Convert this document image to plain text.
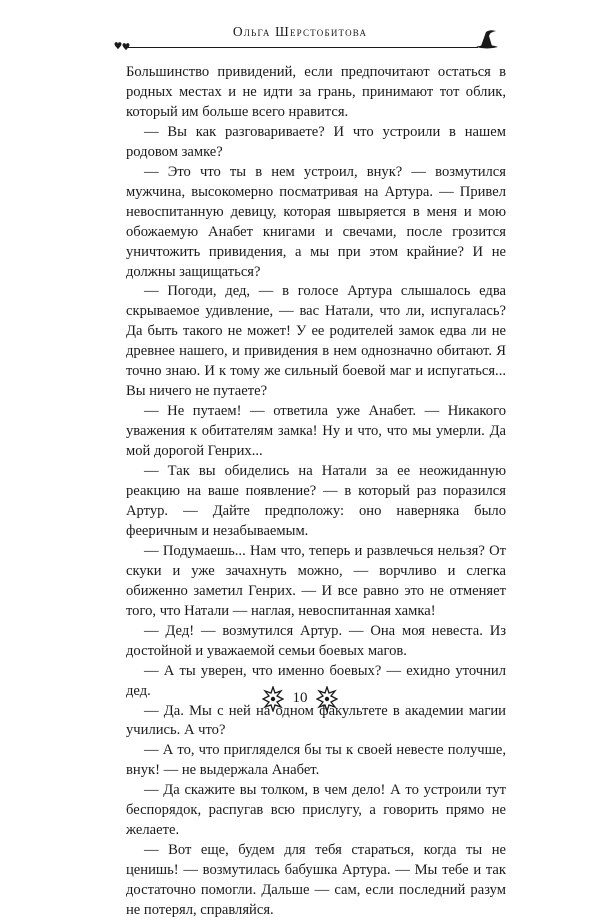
Ольга Шерстобитова

Большинство привидений, если предпочитают остаться в родных местах и не идти за грань, принимают тот облик, который им больше всего нравится.

— Вы как разговариваете? И что устроили в нашем родовом замке?

— Это что ты в нем устроил, внук? — возмутился мужчина, высокомерно посматривая на Артура. — Привел невоспитанную девицу, которая швыряется в меня и мою обожаемую Анабет книгами и свечами, после грозится уничтожить привидения, а мы при этом крайние? И не должны защищаться?

— Погоди, дед, — в голосе Артура слышалось едва скрываемое удивление, — вас Натали, что ли, испугалась? Да быть такого не может! У ее родителей замок едва ли не древнее нашего, и привидения в нем однозначно обитают. Я точно знаю. И к тому же сильный боевой маг и испугаться... Вы ничего не путаете?

— Не путаем! — ответила уже Анабет. — Никакого уважения к обитателям замка! Ну и что, что мы умерли. Да мой дорогой Генрих...

— Так вы обиделись на Натали за ее неожиданную реакцию на ваше появление? — в который раз поразился Артур. — Дайте предположу: оно наверняка было фееричным и незабываемым.

— Подумаешь... Нам что, теперь и развлечься нельзя? От скуки и уже зачахнуть можно, — ворчливо и слегка обиженно заметил Генрих. — И все равно это не отменяет того, что Натали — наглая, невоспитанная хамка!

— Дед! — возмутился Артур. — Она моя невеста. Из достойной и уважаемой семьи боевых магов.

— А ты уверен, что именно боевых? — ехидно уточнил дед.

— Да. Мы с ней на одном факультете в академии магии учились. А что?

— А то, что пригляделся бы ты к своей невесте получше, внук! — не выдержала Анабет.

— Да скажите вы толком, в чем дело! А то устроили тут беспорядок, распугав всю прислугу, а говорить прямо не желаете.

— Вот еще, будем для тебя стараться, когда ты не ценишь! — возмутилась бабушка Артура. — Мы тебе и так достаточно помогли. Дальше — сам, если последний разум не потерял, справляйся.

10
